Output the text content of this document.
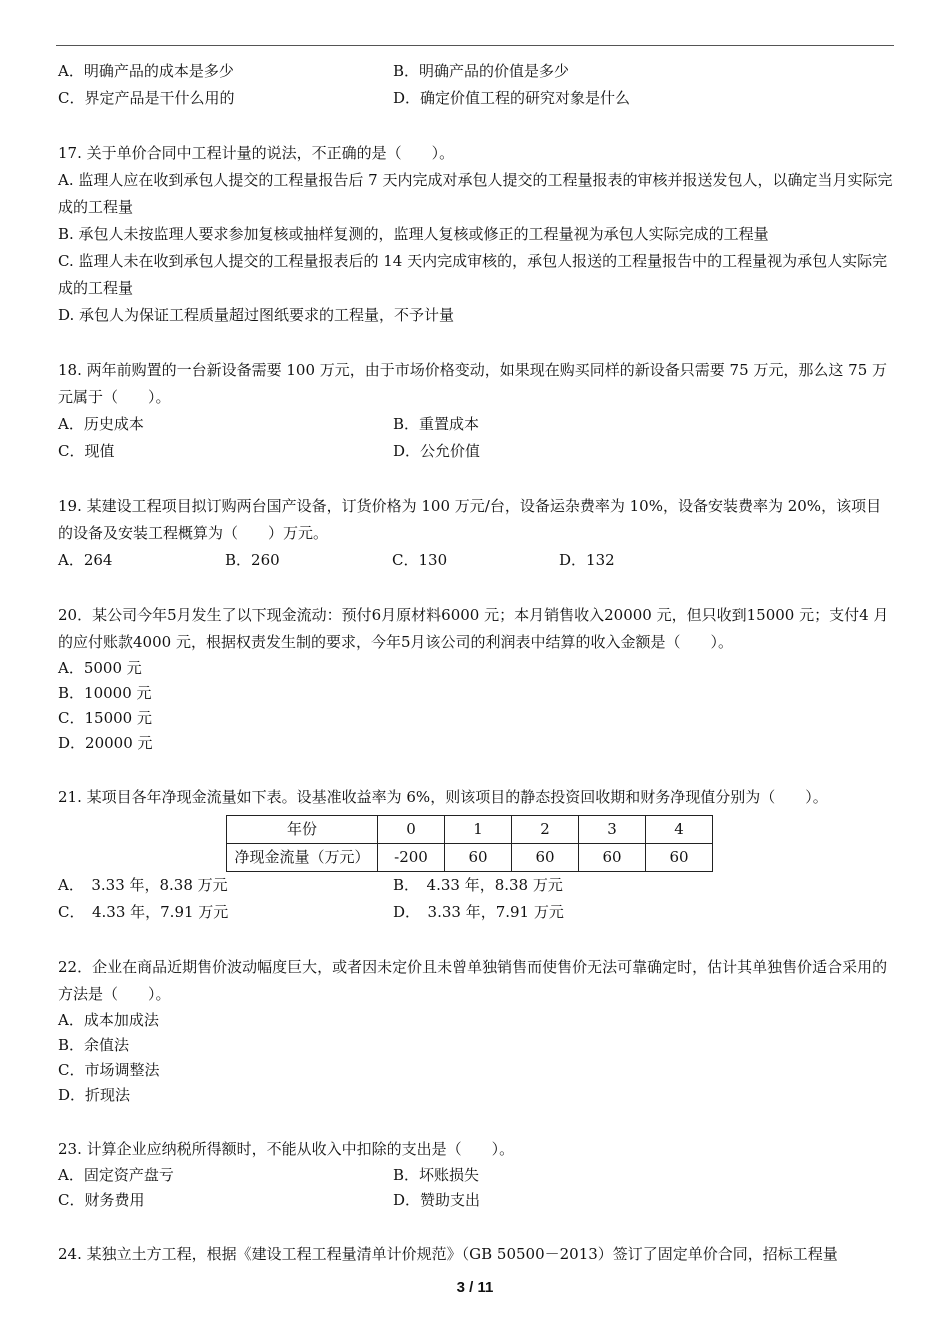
A．明确产品的成本是多少	B．明确产品的价值是多少
C．界定产品是干什么用的	D．确定价值工程的研究对象是什么

17. 关于单价合同中工程计量的说法，不正确的是（　　）。

A. 监理人应在收到承包人提交的工程量报告后 7 天内完成对承包人提交的工程量报表的审核并报送发包人，以确定当月实际完成的工程量

B. 承包人未按监理人要求参加复核或抽样复测的，监理人复核或修正的工程量视为承包人实际完成的工程量

C. 监理人未在收到承包人提交的工程量报表后的 14 天内完成审核的，承包人报送的工程量报告中的工程量视为承包人实际完成的工程量

D. 承包人为保证工程质量超过图纸要求的工程量，不予计量

18. 两年前购置的一台新设备需要 100 万元，由于市场价格变动，如果现在购买同样的新设备只需要 75 万元，那么这 75 万元属于（　　）。

A．历史成本	B．重置成本
C．现值	D．公允价值

19. 某建设工程项目拟订购两台国产设备，订货价格为 100 万元/台，设备运杂费率为 10%，设备安装费率为 20%，该项目的设备及安装工程概算为（　　）万元。

A．264	B．260	C．130	D．132

20．某公司今年5月发生了以下现金流动：预付6月原材料6000 元；本月销售收入20000 元，但只收到15000 元；支付4 月的应付账款4000 元，根据权责发生制的要求，今年5月该公司的利润表中结算的收入金额是（　　）。

A．5000 元

B．10000 元

C．15000 元

D．20000 元

21. 某项目各年净现金流量如下表。设基准收益率为 6%，则该项目的静态投资回收期和财务净现值分别为（　　）。

年份	0	1	2	3	4
净现金流量（万元）	-200	60	60	60	60
A．　3.33 年，8.38 万元	B．　4.33 年，8.38 万元
C．　4.33 年，7.91 万元	D．　3.33 年，7.91 万元

22．企业在商品近期售价波动幅度巨大，或者因未定价且未曾单独销售而使售价无法可靠确定时，估计其单独售价适合采用的方法是（　　）。

A．成本加成法

B．余值法

C．市场调整法

D．折现法

23. 计算企业应纳税所得额时，不能从收入中扣除的支出是（　　）。

A．固定资产盘亏	B．坏账损失
C．财务费用	D．赞助支出

24. 某独立土方工程，根据《建设工程工程量清单计价规范》（GB 50500－2013）签订了固定单价合同，招标工程量

3 / 11
